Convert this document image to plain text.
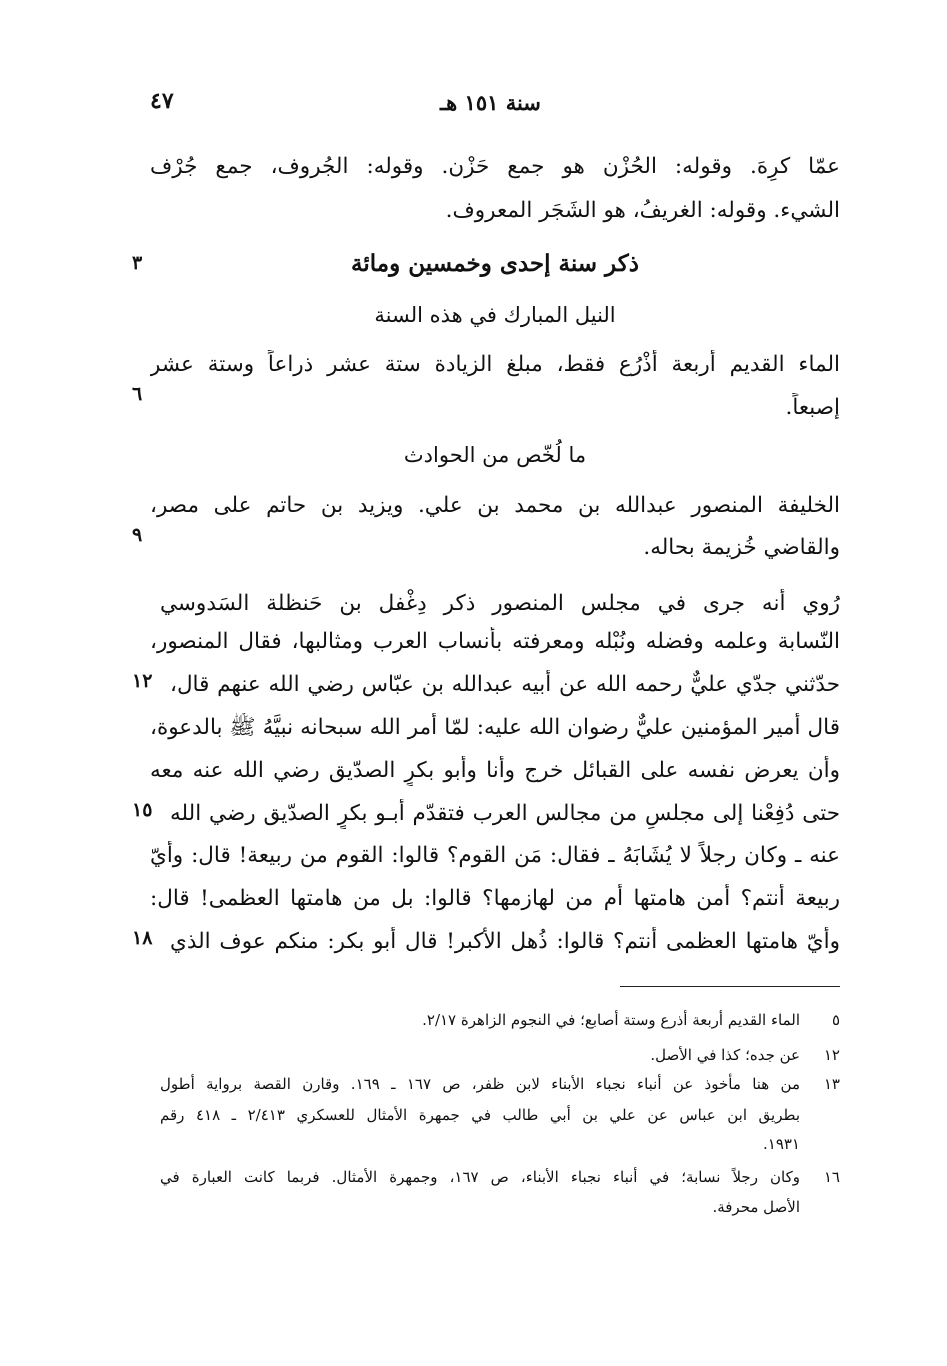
٤٧	سنة ١٥١ هـ
عمّا كرِهَ. وقوله: الحُزْن هو جمع حَزْن. وقوله: الجُروف، جمع جُرْف
الشيء. وقوله: الغريفُ، هو الشَجَر المعروف.
ذكر سنة إحدى وخمسين ومائة
٣
النيل المبارك في هذه السنة
الماء القديم أربعة أَذْرُع فقط، مبلغ الزيادة ستة عشر ذراعاً وستة عشر
إصبعاً.
٦
ما لُخّص من الحوادث
الخليفة المنصور عبدالله بن محمد بن علي. ويزيد بن حاتم على مصر،
والقاضي خُزيمة بحاله.
٩
رُوي أنه جرى في مجلس المنصور ذكر دِغْفل بن حَنظلة السَدوسي
النّسابة وعلمه وفضله ونُبْله ومعرفته بأنساب العرب ومثالبها، فقال المنصور،
حدّثني جدّي عليٌّ رحمه الله عن أبيه عبدالله بن عبّاس رضي الله عنهم قال،
١٢
قال أمير المؤمنين عليٌّ رضوان الله عليه: لمّا أمر الله سبحانه نبيَّهُ ﷺ بالدعوة،
وأن يعرض نفسه على القبائل خرج وأنا وأبو بكرٍ الصدّيق رضي الله عنه معه
حتى دُفِعْنا إلى مجلسٍ من مجالس العرب فتقدّم أبـو بكرٍ الصدّيق رضي الله
١٥
عنه ـ وكان رجلاً لا يُشَابَهُ ـ فقال: مَن القوم؟ قالوا: القوم من ربيعة! قال: وأيّ
ربيعة أنتم؟ أمن هامتها أم من لهازمها؟ قالوا: بل من هامتها العظمى! قال:
وأيّ هامتها العظمى أنتم؟ قالوا: ذُهل الأكبر! قال أبو بكر: منكم عوف الذي
١٨
٥
الماء القديم أربعة أذرع وستة أصابع؛ في النجوم الزاهرة ٢/١٧.
١٢
عن جده؛ كذا في الأصل.
١٣
من هنا مأخوذ عن أنباء نجباء الأبناء لابن ظفر، ص ١٦٧ ـ ١٦٩. وقارن القصة برواية أطول
بطريق ابن عباس عن علي بن أبي طالب في جمهرة الأمثال للعسكري ٢/٤١٣ ـ ٤١٨ رقم
١٩٣١.
١٦
وكان رجلاً نسابة؛ في أنباء نجباء الأبناء، ص ١٦٧، وجمهرة الأمثال. فربما كانت العبارة في
الأصل محرفة.
